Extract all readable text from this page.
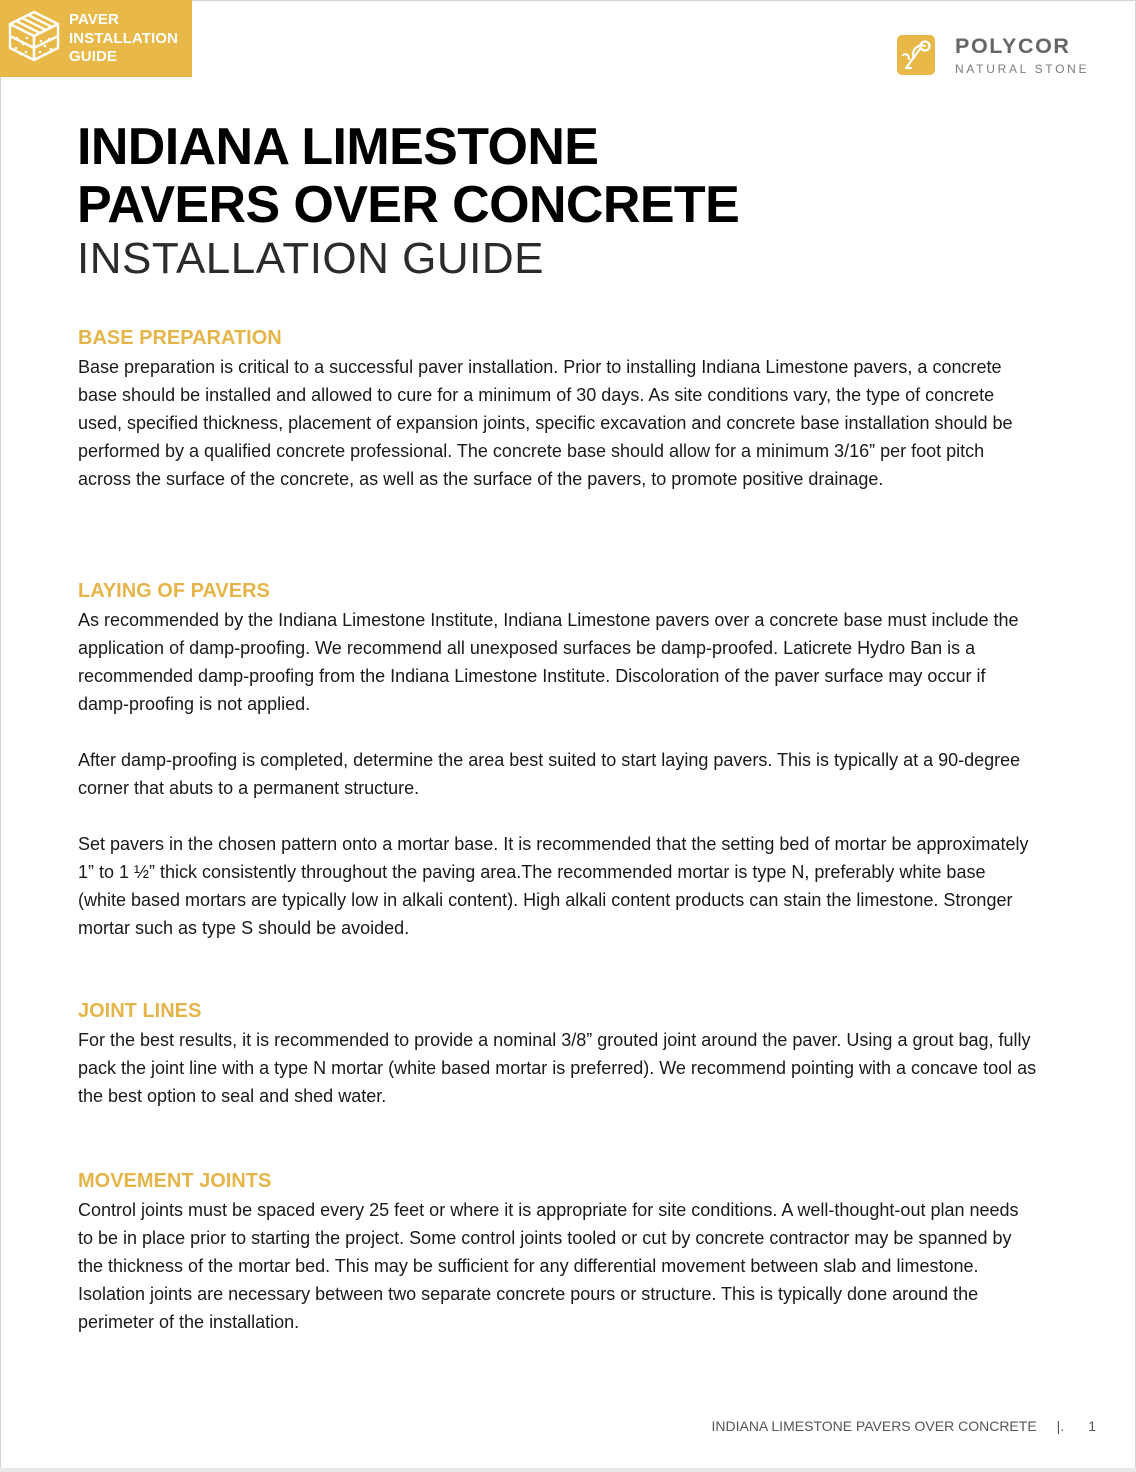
PAVER
INSTALLATION
GUIDE	POLYCOR
NATURAL STONE
INDIANA LIMESTONE
PAVERS OVER CONCRETE
INSTALLATION GUIDE
BASE PREPARATION

Base preparation is critical to a successful paver installation. Prior to installing Indiana Limestone pavers, a concrete base should be installed and allowed to cure for a minimum of 30 days. As site conditions vary, the type of concrete used, specified thickness, placement of expansion joints, specific excavation and concrete base installation should be performed by a qualified concrete professional. The concrete base should allow for a minimum 3/16” per foot pitch across the surface of the concrete, as well as the surface of the pavers, to promote positive drainage.

LAYING OF PAVERS

As recommended by the Indiana Limestone Institute, Indiana Limestone pavers over a concrete base must include the application of damp-proofing. We recommend all unexposed surfaces be damp-proofed. Laticrete Hydro Ban is a recommended damp-proofing from the Indiana Limestone Institute. Discoloration of the paver surface may occur if damp-proofing is not applied.

After damp-proofing is completed, determine the area best suited to start laying pavers. This is typically at a 90-degree corner that abuts to a permanent structure.

Set pavers in the chosen pattern onto a mortar base. It is recommended that the setting bed of mortar be approximately 1” to 1 ½” thick consistently throughout the paving area.The recommended mortar is type N, preferably white base (white based mortars are typically low in alkali content). High alkali content products can stain the limestone. Stronger mortar such as type S should be avoided.

JOINT LINES

For the best results, it is recommended to provide a nominal 3/8” grouted joint around the paver. Using a grout bag, fully pack the joint line with a type N mortar (white based mortar is preferred). We recommend pointing with a concave tool as the best option to seal and shed water.

MOVEMENT JOINTS

Control joints must be spaced every 25 feet or where it is appropriate for site conditions. A well-thought-out plan needs to be in place prior to starting the project. Some control joints tooled or cut by concrete contractor may be spanned by the thickness of the mortar bed. This may be sufficient for any differential movement between slab and limestone. Isolation joints are necessary between two separate concrete pours or structure. This is typically done around the perimeter of the installation.

INDIANA LIMESTONE PAVERS OVER CONCRETE |. 1
